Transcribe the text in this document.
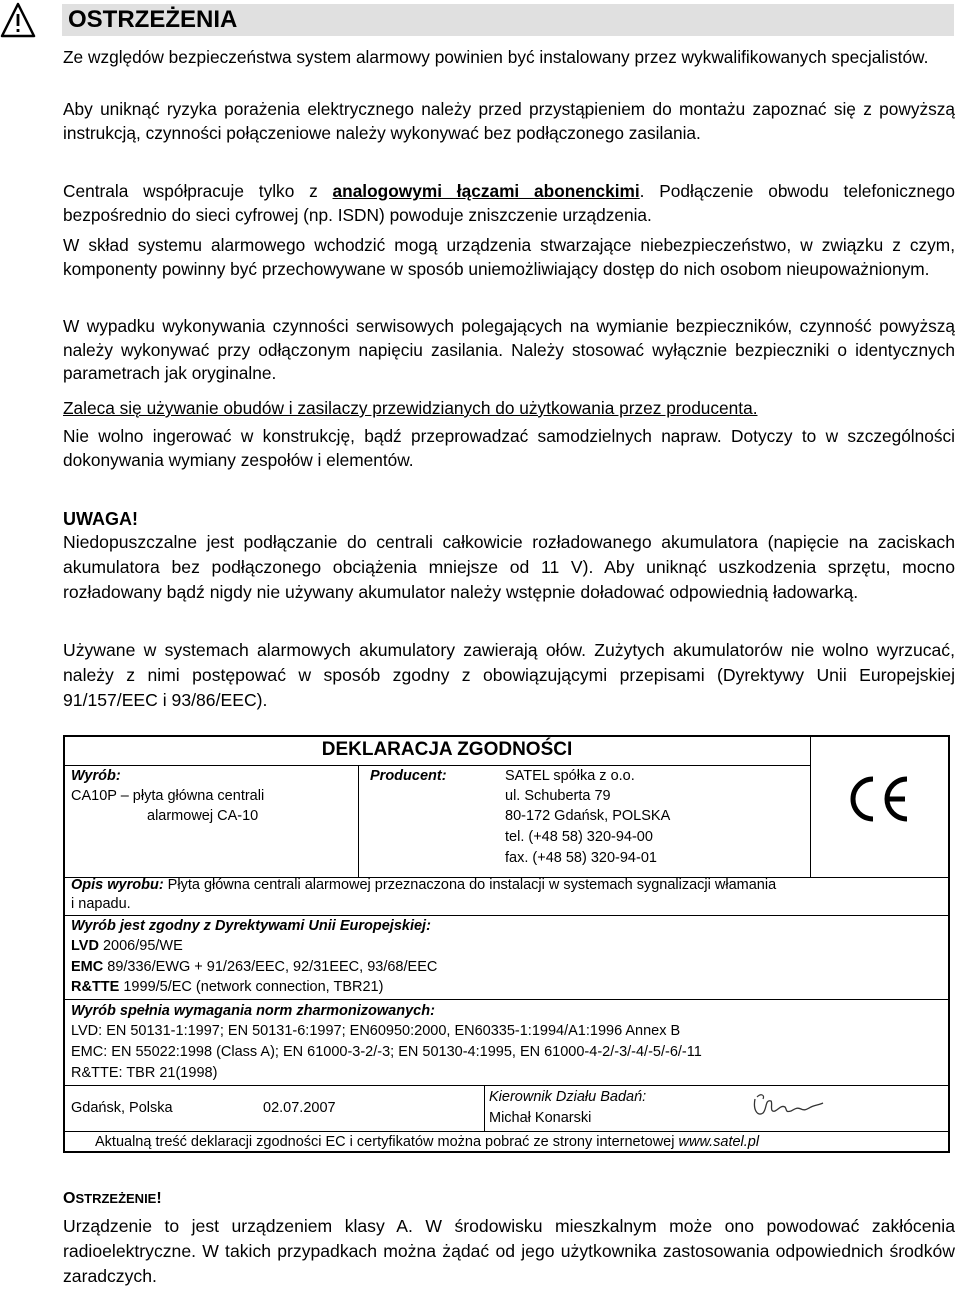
OSTRZEŻENIA

Ze względów bezpieczeństwa system alarmowy powinien być instalowany przez wykwalifikowanych specjalistów.

Aby uniknąć ryzyka porażenia elektrycznego należy przed przystąpieniem do montażu zapoznać się z powyższą instrukcją, czynności połączeniowe należy wykonywać bez podłączonego zasilania.

Centrala współpracuje tylko z analogowymi łączami abonenckimi. Podłączenie obwodu telefonicznego bezpośrednio do sieci cyfrowej (np. ISDN) powoduje zniszczenie urządzenia.

W skład systemu alarmowego wchodzić mogą urządzenia stwarzające niebezpieczeństwo, w związku z czym, komponenty powinny być przechowywane w sposób uniemożliwiający dostęp do nich osobom nieupoważnionym.

W wypadku wykonywania czynności serwisowych polegających na wymianie bezpieczników, czynność powyższą należy wykonywać przy odłączonym napięciu zasilania. Należy stosować wyłącznie bezpieczniki o identycznych parametrach jak oryginalne.

Zaleca się używanie obudów i zasilaczy przewidzianych do użytkowania przez producenta.

Nie wolno ingerować w konstrukcję, bądź przeprowadzać samodzielnych napraw. Dotyczy to w szczególności dokonywania wymiany zespołów i elementów.

UWAGA!

Niedopuszczalne jest podłączanie do centrali całkowicie rozładowanego akumulatora (napięcie na zaciskach akumulatora bez podłączonego obciążenia mniejsze od 11 V). Aby uniknąć uszkodzenia sprzętu, mocno rozładowany bądź nigdy nie używany akumulator należy wstępnie doładować odpowiednią ładowarką.

Używane w systemach alarmowych akumulatory zawierają ołów. Zużytych akumulatorów nie wolno wyrzucać, należy z nimi postępować w sposób zgodny z obowiązującymi przepisami (Dyrektywy Unii Europejskiej 91/157/EEC i 93/86/EEC).

DEKLARACJA ZGODNOŚCI
Wyrób:
CA10P – płyta główna centrali
alarmowej CA-10
Producent:	SATEL spółka z o.o.
ul. Schuberta 79
80-172 Gdańsk, POLSKA
tel. (+48 58) 320-94-00
fax. (+48 58) 320-94-01
Opis wyrobu: Płyta główna centrali alarmowej przeznaczona do instalacji w systemach sygnalizacji włamania
i napadu.
Wyrób jest zgodny z Dyrektywami Unii Europejskiej:
LVD 2006/95/WE
EMC 89/336/EWG + 91/263/EEC, 92/31EEC, 93/68/EEC
R&TTE 1999/5/EC (network connection, TBR21)
Wyrób spełnia wymagania norm zharmonizowanych:
LVD: EN 50131-1:1997; EN 50131-6:1997; EN60950:2000, EN60335-1:1994/A1:1996 Annex B
EMC: EN 55022:1998 (Class A); EN 61000-3-2/-3; EN 50130-4:1995, EN 61000-4-2/-3/-4/-5/-6/-11
R&TTE: TBR 21(1998)
Gdańsk, Polska	02.07.2007
Kierownik Działu Badań:
Michał Konarski
Aktualną treść deklaracji zgodności EC i certyfikatów można pobrać ze strony internetowej www.satel.pl
OSTRZEŻENIE!

Urządzenie to jest urządzeniem klasy A. W środowisku mieszkalnym może ono powodować zakłócenia radioelektryczne. W takich przypadkach można żądać od jego użytkownika zastosowania odpowiednich środków zaradczych.
